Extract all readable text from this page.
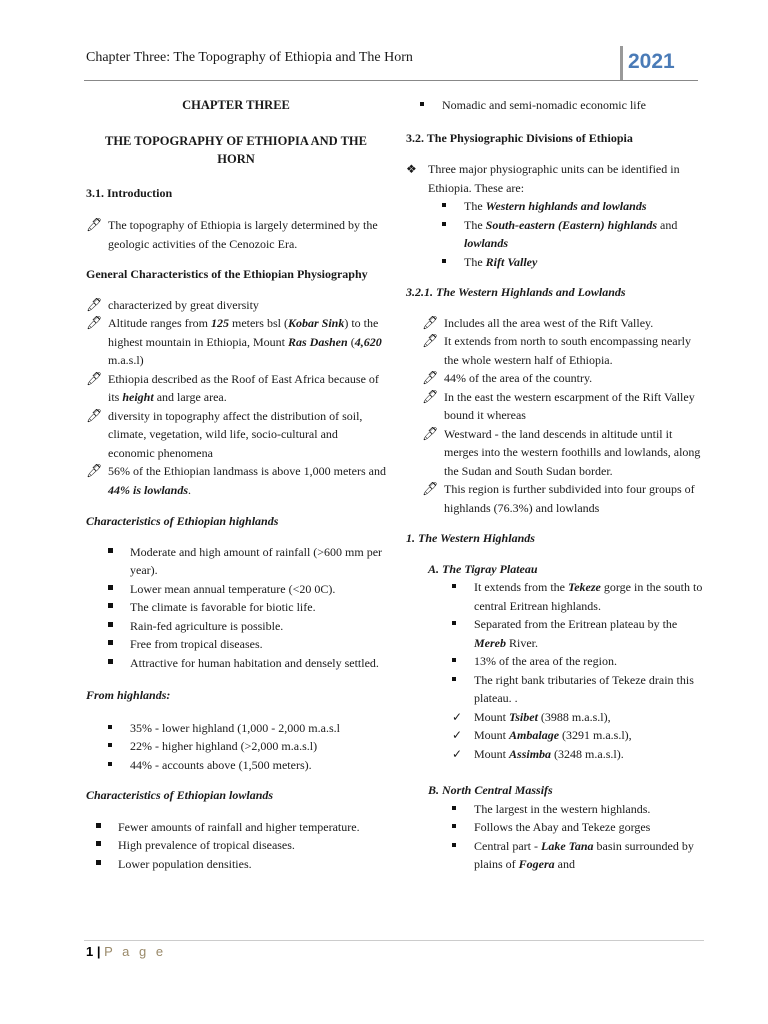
Chapter Three: The Topography of Ethiopia and The Horn	2021

CHAPTER THREE

THE TOPOGRAPHY OF ETHIOPIA AND THE HORN

3.1. Introduction

🖊 The topography of Ethiopia is largely determined by the geologic activities of the Cenozoic Era.

General Characteristics of the Ethiopian Physiography

🖊 characterized by great diversity

🖊 Altitude ranges from 125 meters bsl (Kobar Sink) to the highest mountain in Ethiopia, Mount Ras Dashen (4,620 m.a.s.l)

🖊 Ethiopia described as the Roof of East Africa because of its height and large area.

🖊 diversity in topography affect the distribution of soil, climate, vegetation, wild life, socio-cultural and economic phenomena

🖊 56% of the Ethiopian landmass is above 1,000 meters and 44% is lowlands.

Characteristics of Ethiopian highlands

Moderate and high amount of rainfall (>600 mm per year).

Lower mean annual temperature (<20 0C).

The climate is favorable for biotic life.

Rain-fed agriculture is possible.

Free from tropical diseases.

Attractive for human habitation and densely settled.

From highlands:

35% - lower highland (1,000 - 2,000 m.a.s.l

22% - higher highland (>2,000 m.a.s.l)

44% - accounts above (1,500 meters).

Characteristics of Ethiopian lowlands

Fewer amounts of rainfall and higher temperature.

High prevalence of tropical diseases.

Lower population densities.

Nomadic and semi-nomadic economic life

3.2. The Physiographic Divisions of Ethiopia

❖ Three major physiographic units can be identified in Ethiopia. These are:

The Western highlands and lowlands

The South-eastern (Eastern) highlands and lowlands

The Rift Valley

3.2.1. The Western Highlands and Lowlands

🖊 Includes all the area west of the Rift Valley.

🖊 It extends from north to south encompassing nearly the whole western half of Ethiopia.

🖊 44% of the area of the country.

🖊 In the east the western escarpment of the Rift Valley bound it whereas

🖊 Westward - the land descends in altitude until it merges into the western foothills and lowlands, along the Sudan and South Sudan border.

🖊 This region is further subdivided into four groups of highlands (76.3%) and lowlands

1. The Western Highlands

A. The Tigray Plateau

It extends from the Tekeze gorge in the south to central Eritrean highlands.

Separated from the Eritrean plateau by the Mereb River.

13% of the area of the region.

The right bank tributaries of Tekeze drain this plateau. .

✓ Mount Tsibet (3988 m.a.s.l),

✓ Mount Ambalage (3291 m.a.s.l),

✓ Mount Assimba (3248 m.a.s.l).

B. North Central Massifs

The largest in the western highlands.

Follows the Abay and Tekeze gorges

Central part - Lake Tana basin surrounded by plains of Fogera and

1 | P a g e
